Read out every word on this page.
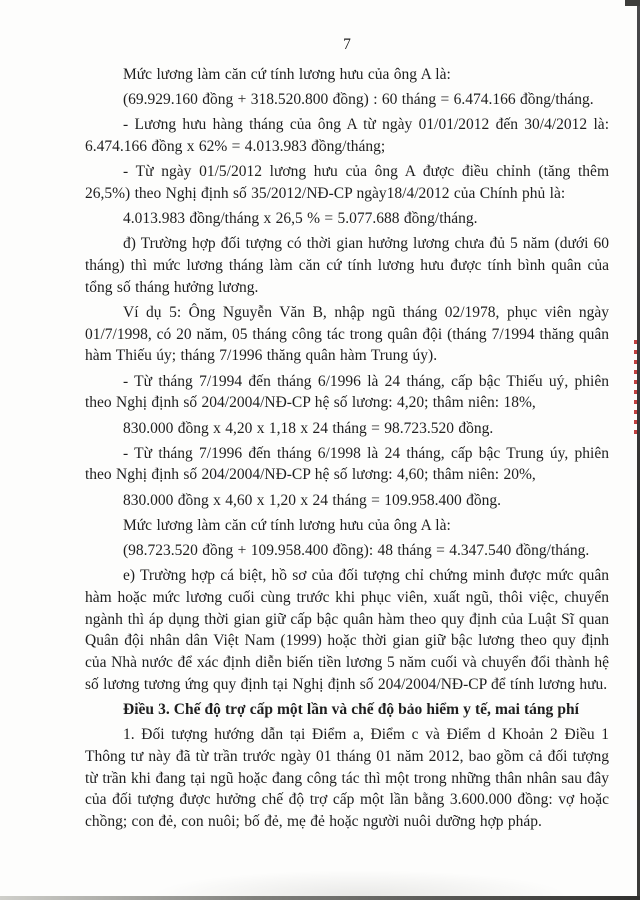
7

Mức lương làm căn cứ tính lương hưu của ông A là:

(69.929.160 đồng + 318.520.800 đồng) : 60 tháng = 6.474.166 đồng/tháng.

- Lương hưu hàng tháng của ông A từ ngày 01/01/2012 đến 30/4/2012 là: 6.474.166 đồng x 62% = 4.013.983 đồng/tháng;

- Từ ngày 01/5/2012 lương hưu của ông A được điều chỉnh (tăng thêm 26,5%) theo Nghị định số 35/2012/NĐ-CP ngày18/4/2012 của Chính phủ là:

4.013.983 đồng/tháng x 26,5 % = 5.077.688 đồng/tháng.

đ) Trường hợp đối tượng có thời gian hưởng lương chưa đủ 5 năm (dưới 60 tháng) thì mức lương tháng làm căn cứ tính lương hưu được tính bình quân của tổng số tháng hưởng lương.

Ví dụ 5: Ông Nguyễn Văn B, nhập ngũ tháng 02/1978, phục viên ngày 01/7/1998, có 20 năm, 05 tháng công tác trong quân đội (tháng 7/1994 thăng quân hàm Thiếu úy; tháng 7/1996 thăng quân hàm Trung úy).

- Từ tháng 7/1994 đến tháng 6/1996 là 24 tháng, cấp bậc Thiếu uý, phiên theo Nghị định số 204/2004/NĐ-CP hệ số lương: 4,20; thâm niên: 18%,

830.000 đồng x 4,20 x 1,18 x 24 tháng = 98.723.520 đồng.

- Từ tháng 7/1996 đến tháng 6/1998 là 24 tháng, cấp bậc Trung úy, phiên theo Nghị định số 204/2004/NĐ-CP hệ số lương: 4,60; thâm niên: 20%,

830.000 đồng x 4,60 x 1,20 x 24 tháng = 109.958.400 đồng.

Mức lương làm căn cứ tính lương hưu của ông A là:

(98.723.520 đồng + 109.958.400 đồng): 48 tháng = 4.347.540 đồng/tháng.

e) Trường hợp cá biệt, hồ sơ của đối tượng chỉ chứng minh được mức quân hàm hoặc mức lương cuối cùng trước khi phục viên, xuất ngũ, thôi việc, chuyển ngành thì áp dụng thời gian giữ cấp bậc quân hàm theo quy định của Luật Sĩ quan Quân đội nhân dân Việt Nam (1999) hoặc thời gian giữ bậc lương theo quy định của Nhà nước để xác định diễn biến tiền lương 5 năm cuối và chuyển đổi thành hệ số lương tương ứng quy định tại Nghị định số 204/2004/NĐ-CP để tính lương hưu.

Điều 3. Chế độ trợ cấp một lần và chế độ bảo hiểm y tế, mai táng phí

1. Đối tượng hướng dẫn tại Điểm a, Điểm c và Điểm d Khoản 2 Điều 1 Thông tư này đã từ trần trước ngày 01 tháng 01 năm 2012, bao gồm cả đối tượng từ trần khi đang tại ngũ hoặc đang công tác thì một trong những thân nhân sau đây của đối tượng được hưởng chế độ trợ cấp một lần bằng 3.600.000 đồng: vợ hoặc chồng; con đẻ, con nuôi; bố đẻ, mẹ đẻ hoặc người nuôi dưỡng hợp pháp.
